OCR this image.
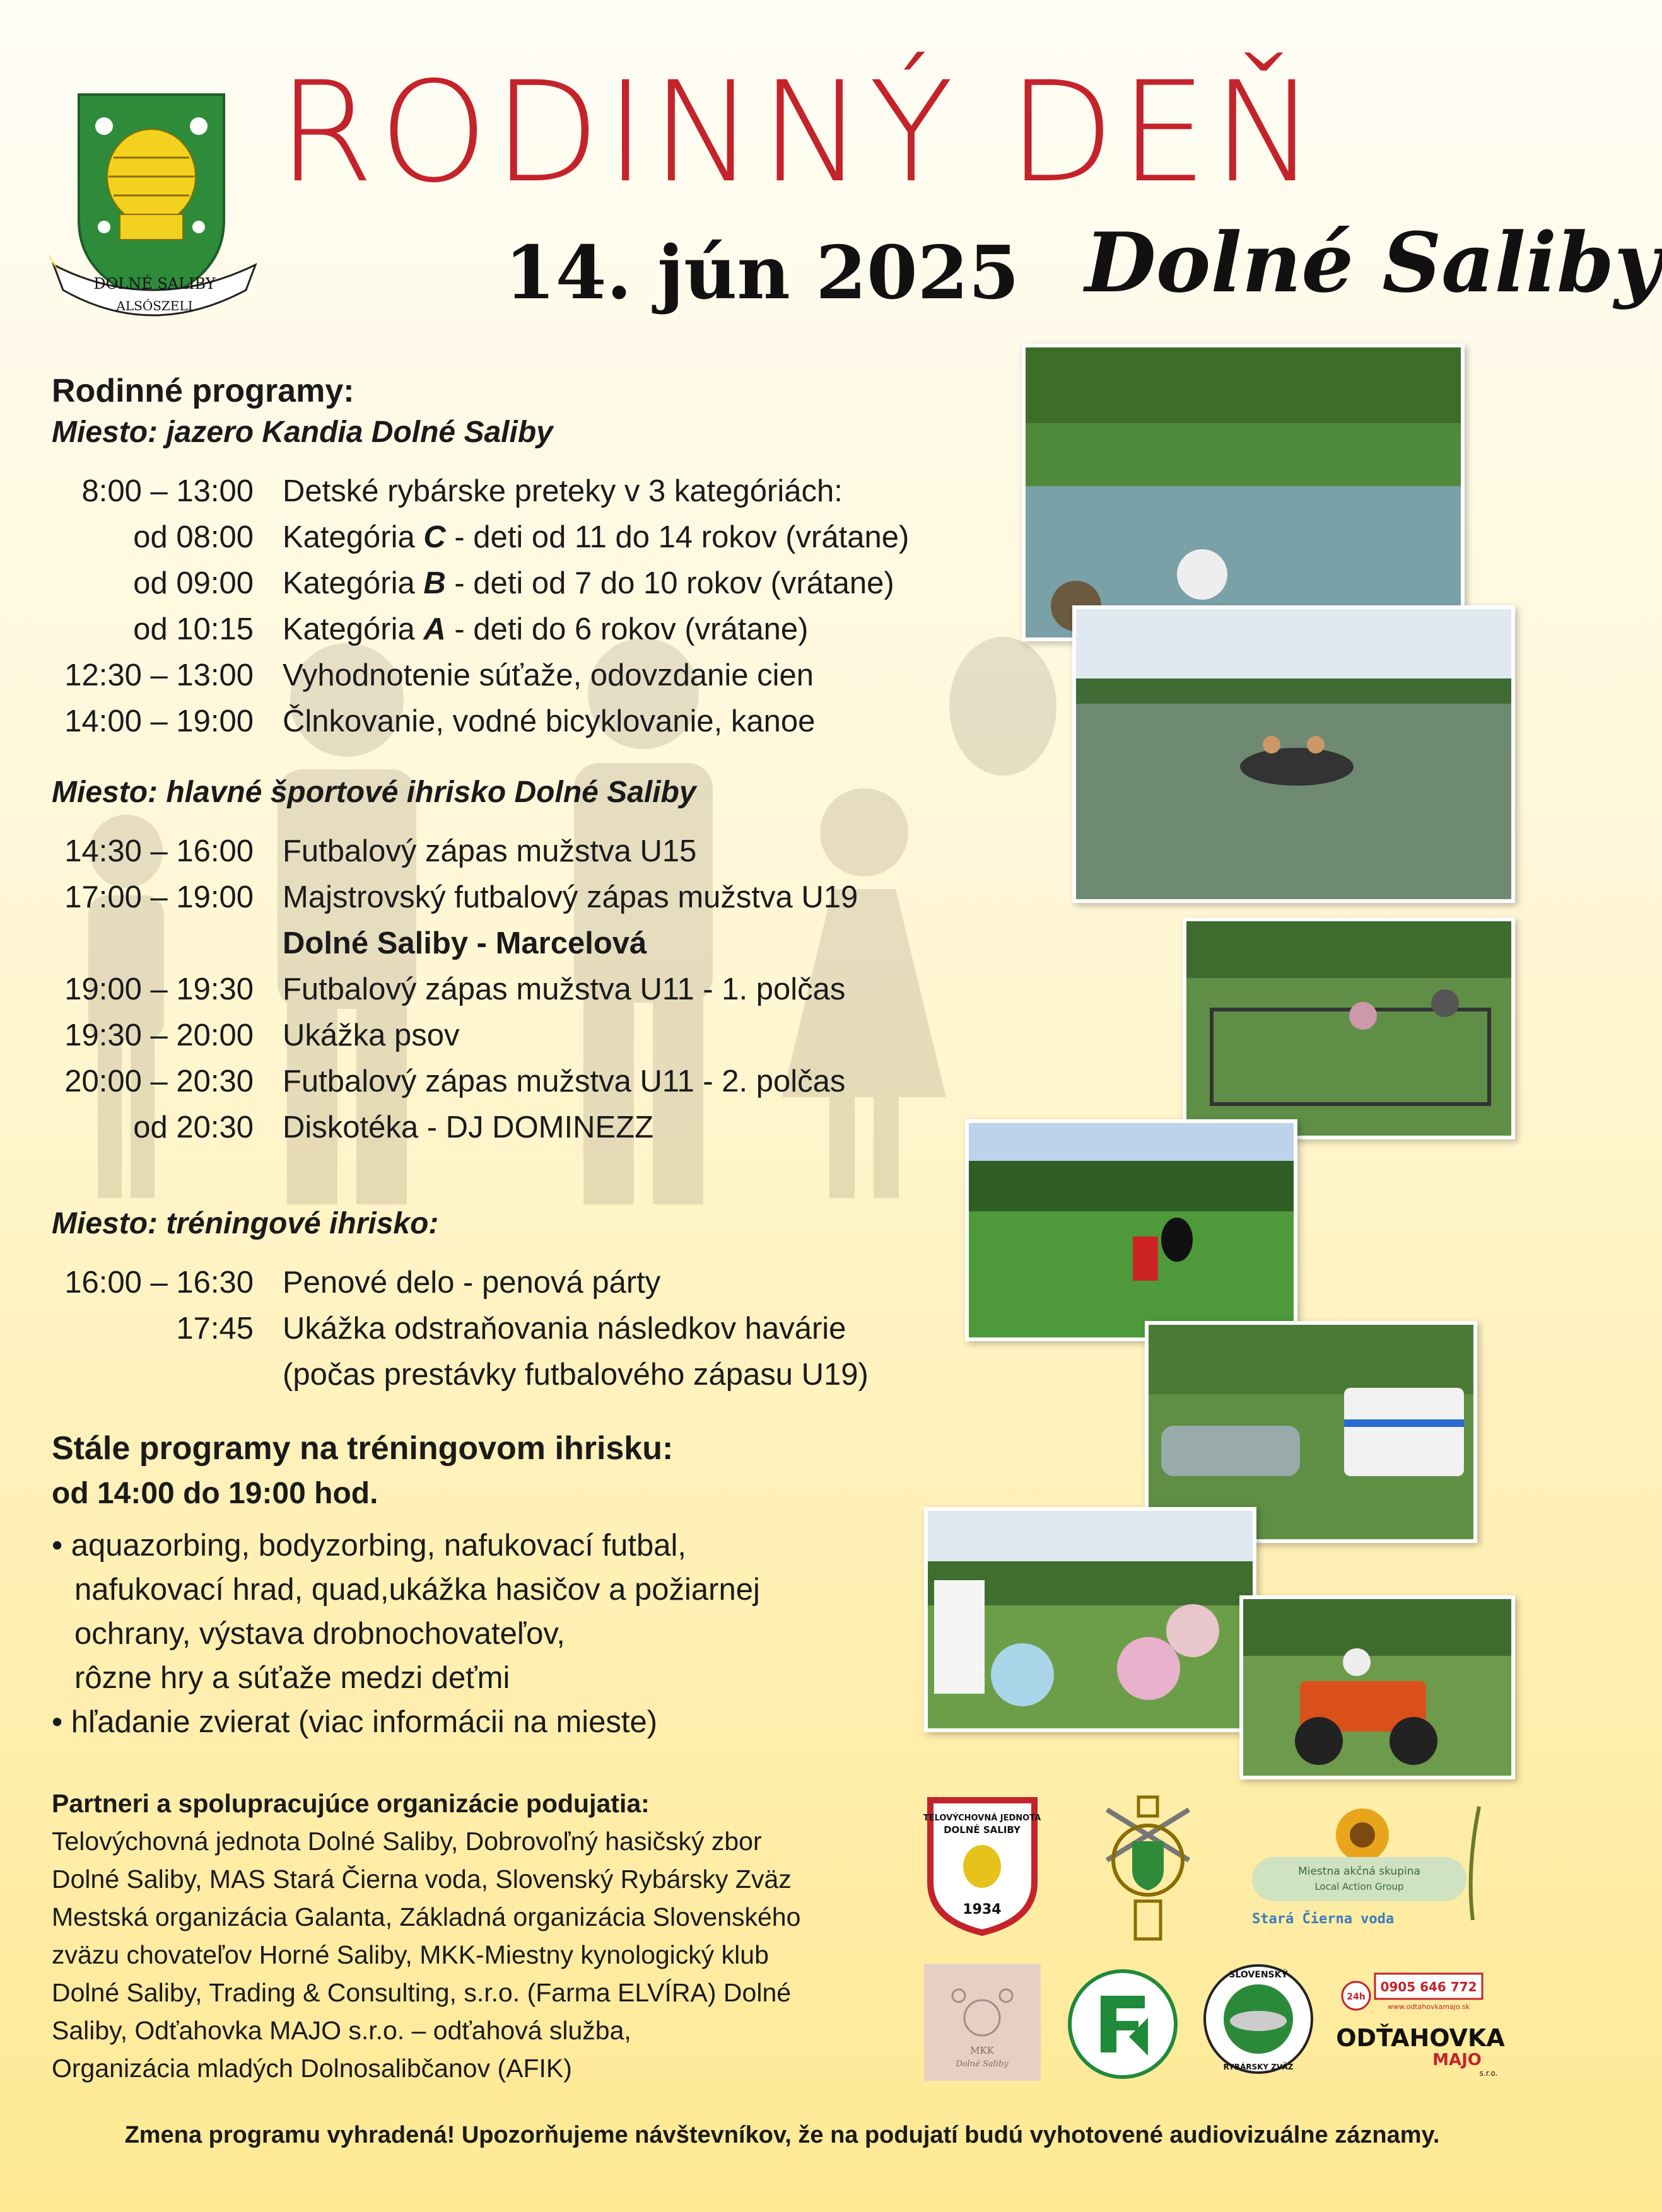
DOLNÉ SALIBY
ALSÓSZELI
RODINNÝ DEŇ
14. jún 2025 Dolné Saliby

Rodinné programy:

Miesto: jazero Kandia Dolné Saliby

8:00 – 13:00 Detské rybárske preteky v 3 kategóriách:
od 08:00 Kategória C - deti od 11 do 14 rokov (vrátane)
od 09:00 Kategória B - deti od 7 do 10 rokov (vrátane)
od 10:15 Kategória A - deti do 6 rokov (vrátane)
12:30 – 13:00 Vyhodnotenie súťaže, odovzdanie cien
14:00 – 19:00 Člnkovanie, vodné bicyklovanie, kanoe

Miesto: hlavné športové ihrisko Dolné Saliby

14:30 – 16:00 Futbalový zápas mužstva U15
17:00 – 19:00 Majstrovský futbalový zápas mužstva U19
Dolné Saliby - Marcelová
19:00 – 19:30 Futbalový zápas mužstva U11 - 1. polčas
19:30 – 20:00 Ukážka psov
20:00 – 20:30 Futbalový zápas mužstva U11 - 2. polčas
od 20:30 Diskotéka - DJ DOMINEZZ

Miesto: tréningové ihrisko:

16:00 – 16:30 Penové delo - penová párty
17:45 Ukážka odstraňovania následkov havárie
(počas prestávky futbalového zápasu U19)

Stále programy na tréningovom ihrisku:

od 14:00 do 19:00 hod.

• aquazorbing, bodyzorbing, nafukovací futbal,
nafukovací hrad, quad,ukážka hasičov a požiarnej
ochrany, výstava drobnochovateľov,
rôzne hry a súťaže medzi deťmi
• hľadanie zvierat (viac informácii na mieste)
Partneri a spolupracujúce organizácie podujatia:
Telovýchovná jednota Dolné Saliby, Dobrovoľný hasičský zbor
Dolné Saliby, MAS Stará Čierna voda, Slovenský Rybársky Zväz
Mestská organizácia Galanta, Základná organizácia Slovenského
zväzu chovateľov Horné Saliby, MKK-Miestny kynologický klub
Dolné Saliby, Trading & Consulting, s.r.o. (Farma ELVÍRA) Dolné
Saliby, Odťahovka MAJO s.r.o. – odťahová služba,
Organizácia mladých Dolnosalibčanov (AFIK)
TELOVÝCHOVNÁ JEDNOTA
DOLNÉ SALIBY
1934
Miestna akčná skupina
Local Action Group
Stará Čierna voda
MKK
Dolné Saliby
SLOVENSKÝ
RYBÁRSKY ZVÄZ
0905 646 772
www.odtahovkamajo.sk
24h
ODŤAHOVKA
MAJO
s.r.o.
Zmena programu vyhradená! Upozorňujeme návštevníkov, že na podujatí budú vyhotovené audiovizuálne záznamy.
